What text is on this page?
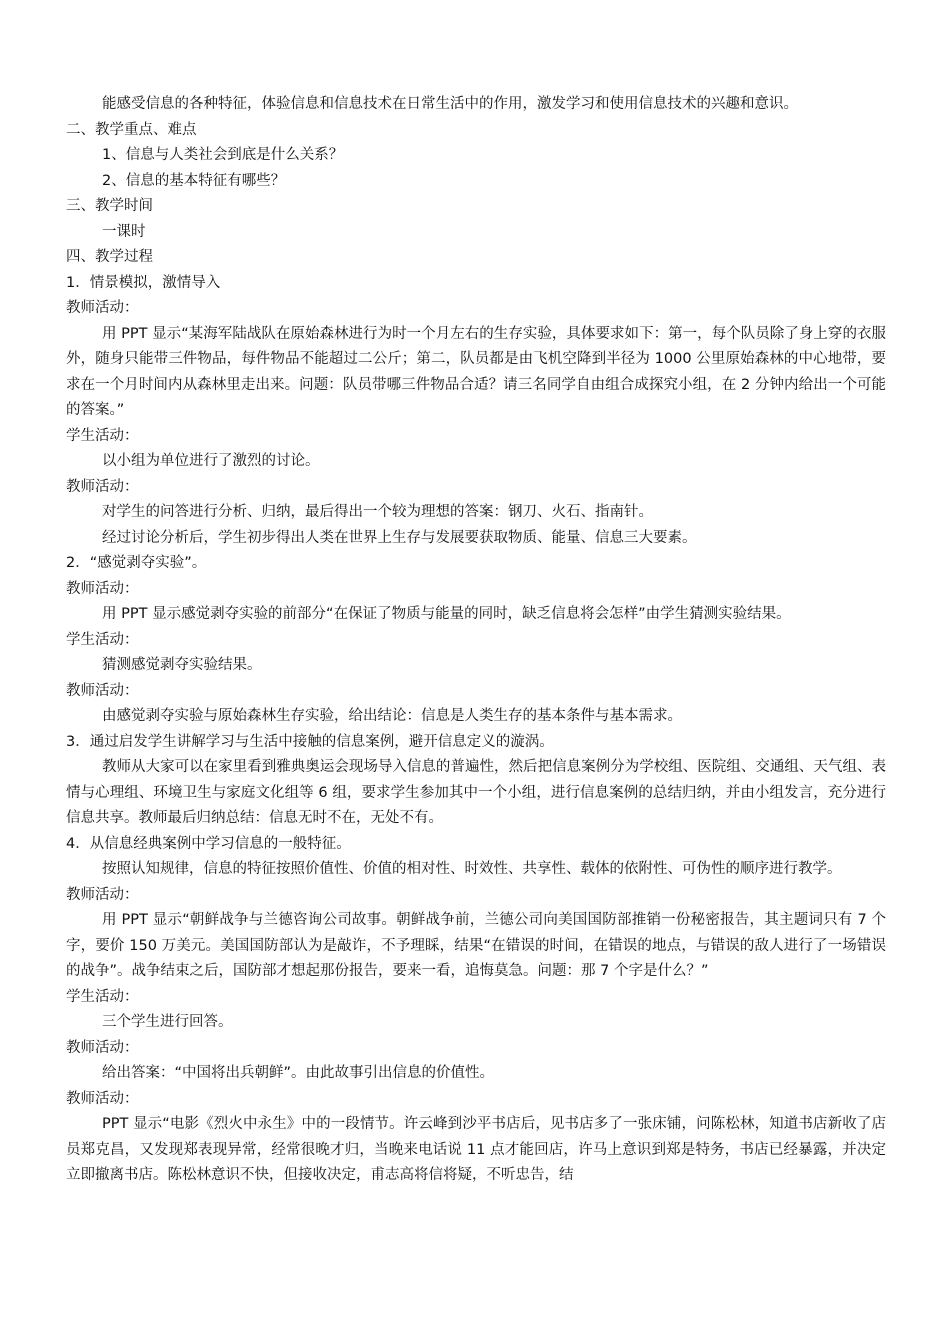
能感受信息的各种特征，体验信息和信息技术在日常生活中的作用，激发学习和使用信息技术的兴趣和意识。

二、教学重点、难点

1、信息与人类社会到底是什么关系？

2、信息的基本特征有哪些？

三、教学时间

一课时

四、教学过程

1．情景模拟，激情导入

教师活动：

用 PPT 显示“某海军陆战队在原始森林进行为时一个月左右的生存实验，具体要求如下：第一，每个队员除了身上穿的衣服外，随身只能带三件物品，每件物品不能超过二公斤；第二，队员都是由飞机空降到半径为 1000 公里原始森林的中心地带，要求在一个月时间内从森林里走出来。问题：队员带哪三件物品合适？请三名同学自由组合成探究小组，在 2 分钟内给出一个可能的答案。”

学生活动：

以小组为单位进行了激烈的讨论。

教师活动：

对学生的问答进行分析、归纳，最后得出一个较为理想的答案：钢刀、火石、指南针。

经过讨论分析后，学生初步得出人类在世界上生存与发展要获取物质、能量、信息三大要素。

2．“感觉剥夺实验”。

教师活动：

用 PPT 显示感觉剥夺实验的前部分“在保证了物质与能量的同时，缺乏信息将会怎样”由学生猜测实验结果。

学生活动：

猜测感觉剥夺实验结果。

教师活动：

由感觉剥夺实验与原始森林生存实验，给出结论：信息是人类生存的基本条件与基本需求。

3．通过启发学生讲解学习与生活中接触的信息案例，避开信息定义的漩涡。

教师从大家可以在家里看到雅典奥运会现场导入信息的普遍性，然后把信息案例分为学校组、医院组、交通组、天气组、表情与心理组、环境卫生与家庭文化组等 6 组，要求学生参加其中一个小组，进行信息案例的总结归纳，并由小组发言，充分进行信息共享。教师最后归纳总结：信息无时不在，无处不有。

4．从信息经典案例中学习信息的一般特征。

按照认知规律，信息的特征按照价值性、价值的相对性、时效性、共享性、载体的依附性、可伪性的顺序进行教学。

教师活动：

用 PPT 显示“朝鲜战争与兰德咨询公司故事。朝鲜战争前，兰德公司向美国国防部推销一份秘密报告，其主题词只有 7 个字，要价 150 万美元。美国国防部认为是敲诈，不予理睬，结果“在错误的时间，在错误的地点，与错误的敌人进行了一场错误的战争”。战争结束之后，国防部才想起那份报告，要来一看，追悔莫急。问题：那 7 个字是什么？”

学生活动：

三个学生进行回答。

教师活动：

给出答案：“中国将出兵朝鲜”。由此故事引出信息的价值性。

教师活动：

PPT 显示“电影《烈火中永生》中的一段情节。许云峰到沙平书店后，见书店多了一张床铺，问陈松林，知道书店新收了店员郑克昌，又发现郑表现异常，经常很晚才归，当晚来电话说 11 点才能回店，许马上意识到郑是特务，书店已经暴露，并决定立即撤离书店。陈松林意识不快，但接收决定，甫志高将信将疑，不听忠告，结
